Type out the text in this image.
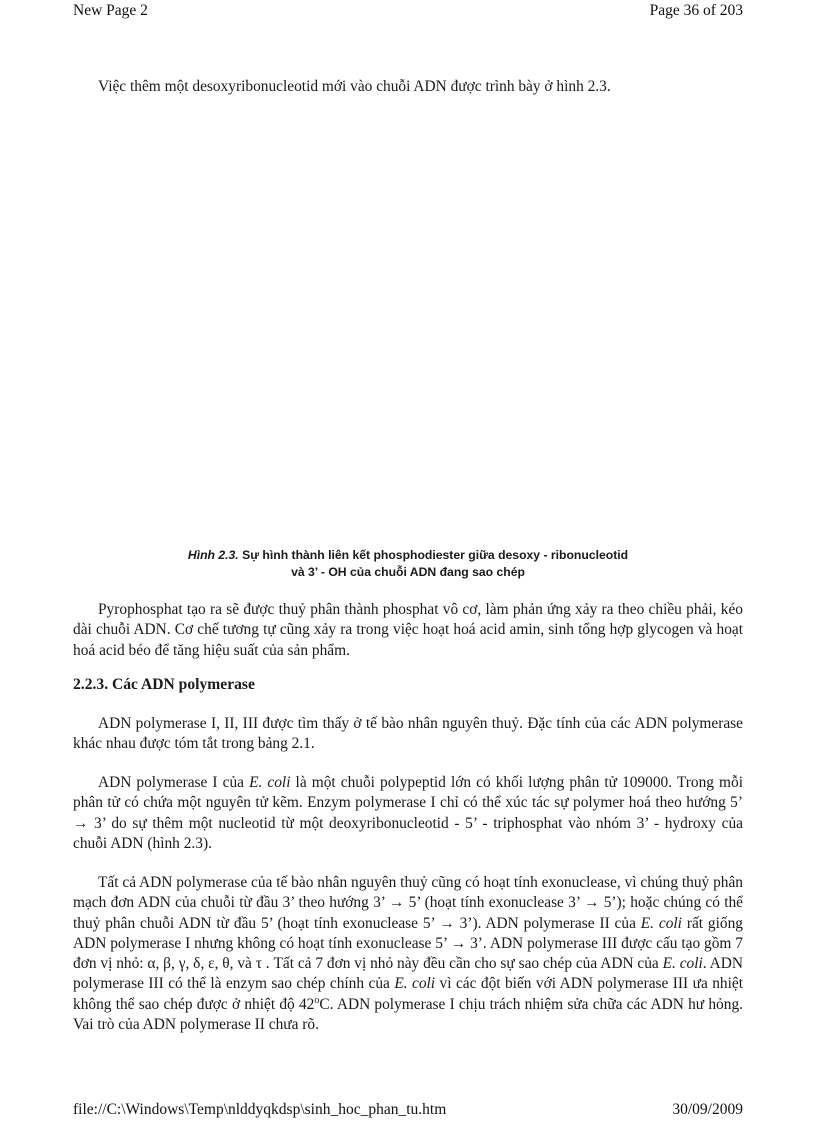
New Page 2	Page 36 of 203

Việc thêm một desoxyribonucleotid mới vào chuỗi ADN được trình bày ở hình 2.3.

Hình 2.3. Sự hình thành liên kết phosphodiester giữa desoxy - ribonucleotid
và 3’ - OH của chuỗi ADN đang sao chép

Pyrophosphat tạo ra sẽ được thuỷ phân thành phosphat vô cơ, làm phản ứng xảy ra theo chiều phải, kéo dài chuỗi ADN. Cơ chế tương tự cũng xảy ra trong việc hoạt hoá acid amin, sinh tổng hợp glycogen và hoạt hoá acid béo để tăng hiệu suất của sản phẩm.

2.2.3. Các ADN polymerase

ADN polymerase I, II, III được tìm thấy ở tế bào nhân nguyên thuỷ. Đặc tính của các ADN polymerase khác nhau được tóm tắt trong bảng 2.1.

ADN polymerase I của E. coli là một chuỗi polypeptid lớn có khối lượng phân tử 109000. Trong mỗi phân tử có chứa một nguyên tử kẽm. Enzym polymerase I chỉ có thể xúc tác sự polymer hoá theo hướng 5’ → 3’ do sự thêm một nucleotid từ một deoxyribonucleotid - 5’ - triphosphat vào nhóm 3’ - hydroxy của chuỗi ADN (hình 2.3).

Tất cả ADN polymerase của tế bào nhân nguyên thuỷ cũng có hoạt tính exonuclease, vì chúng thuỷ phân mạch đơn ADN của chuỗi từ đầu 3’ theo hướng 3’ → 5’ (hoạt tính exonuclease 3’ → 5’); hoặc chúng có thể thuỷ phân chuỗi ADN từ đầu 5’ (hoạt tính exonuclease 5’ → 3’). ADN polymerase II của E. coli rất giống ADN polymerase I nhưng không có hoạt tính exonuclease 5’ → 3’. ADN polymerase III được cấu tạo gồm 7 đơn vị nhỏ: α, β, γ, δ, ε, θ, và τ . Tất cả 7 đơn vị nhỏ này đều cần cho sự sao chép của ADN của E. coli. ADN polymerase III có thể là enzym sao chép chính của E. coli vì các đột biến với ADN polymerase III ưa nhiệt không thể sao chép được ở nhiệt độ 42$^o$C. ADN polymerase I chịu trách nhiệm sửa chữa các ADN hư hỏng. Vai trò của ADN polymerase II chưa rõ.

file://C:\Windows\Temp\nlddyqkdsp\sinh_hoc_phan_tu.htm	30/09/2009
